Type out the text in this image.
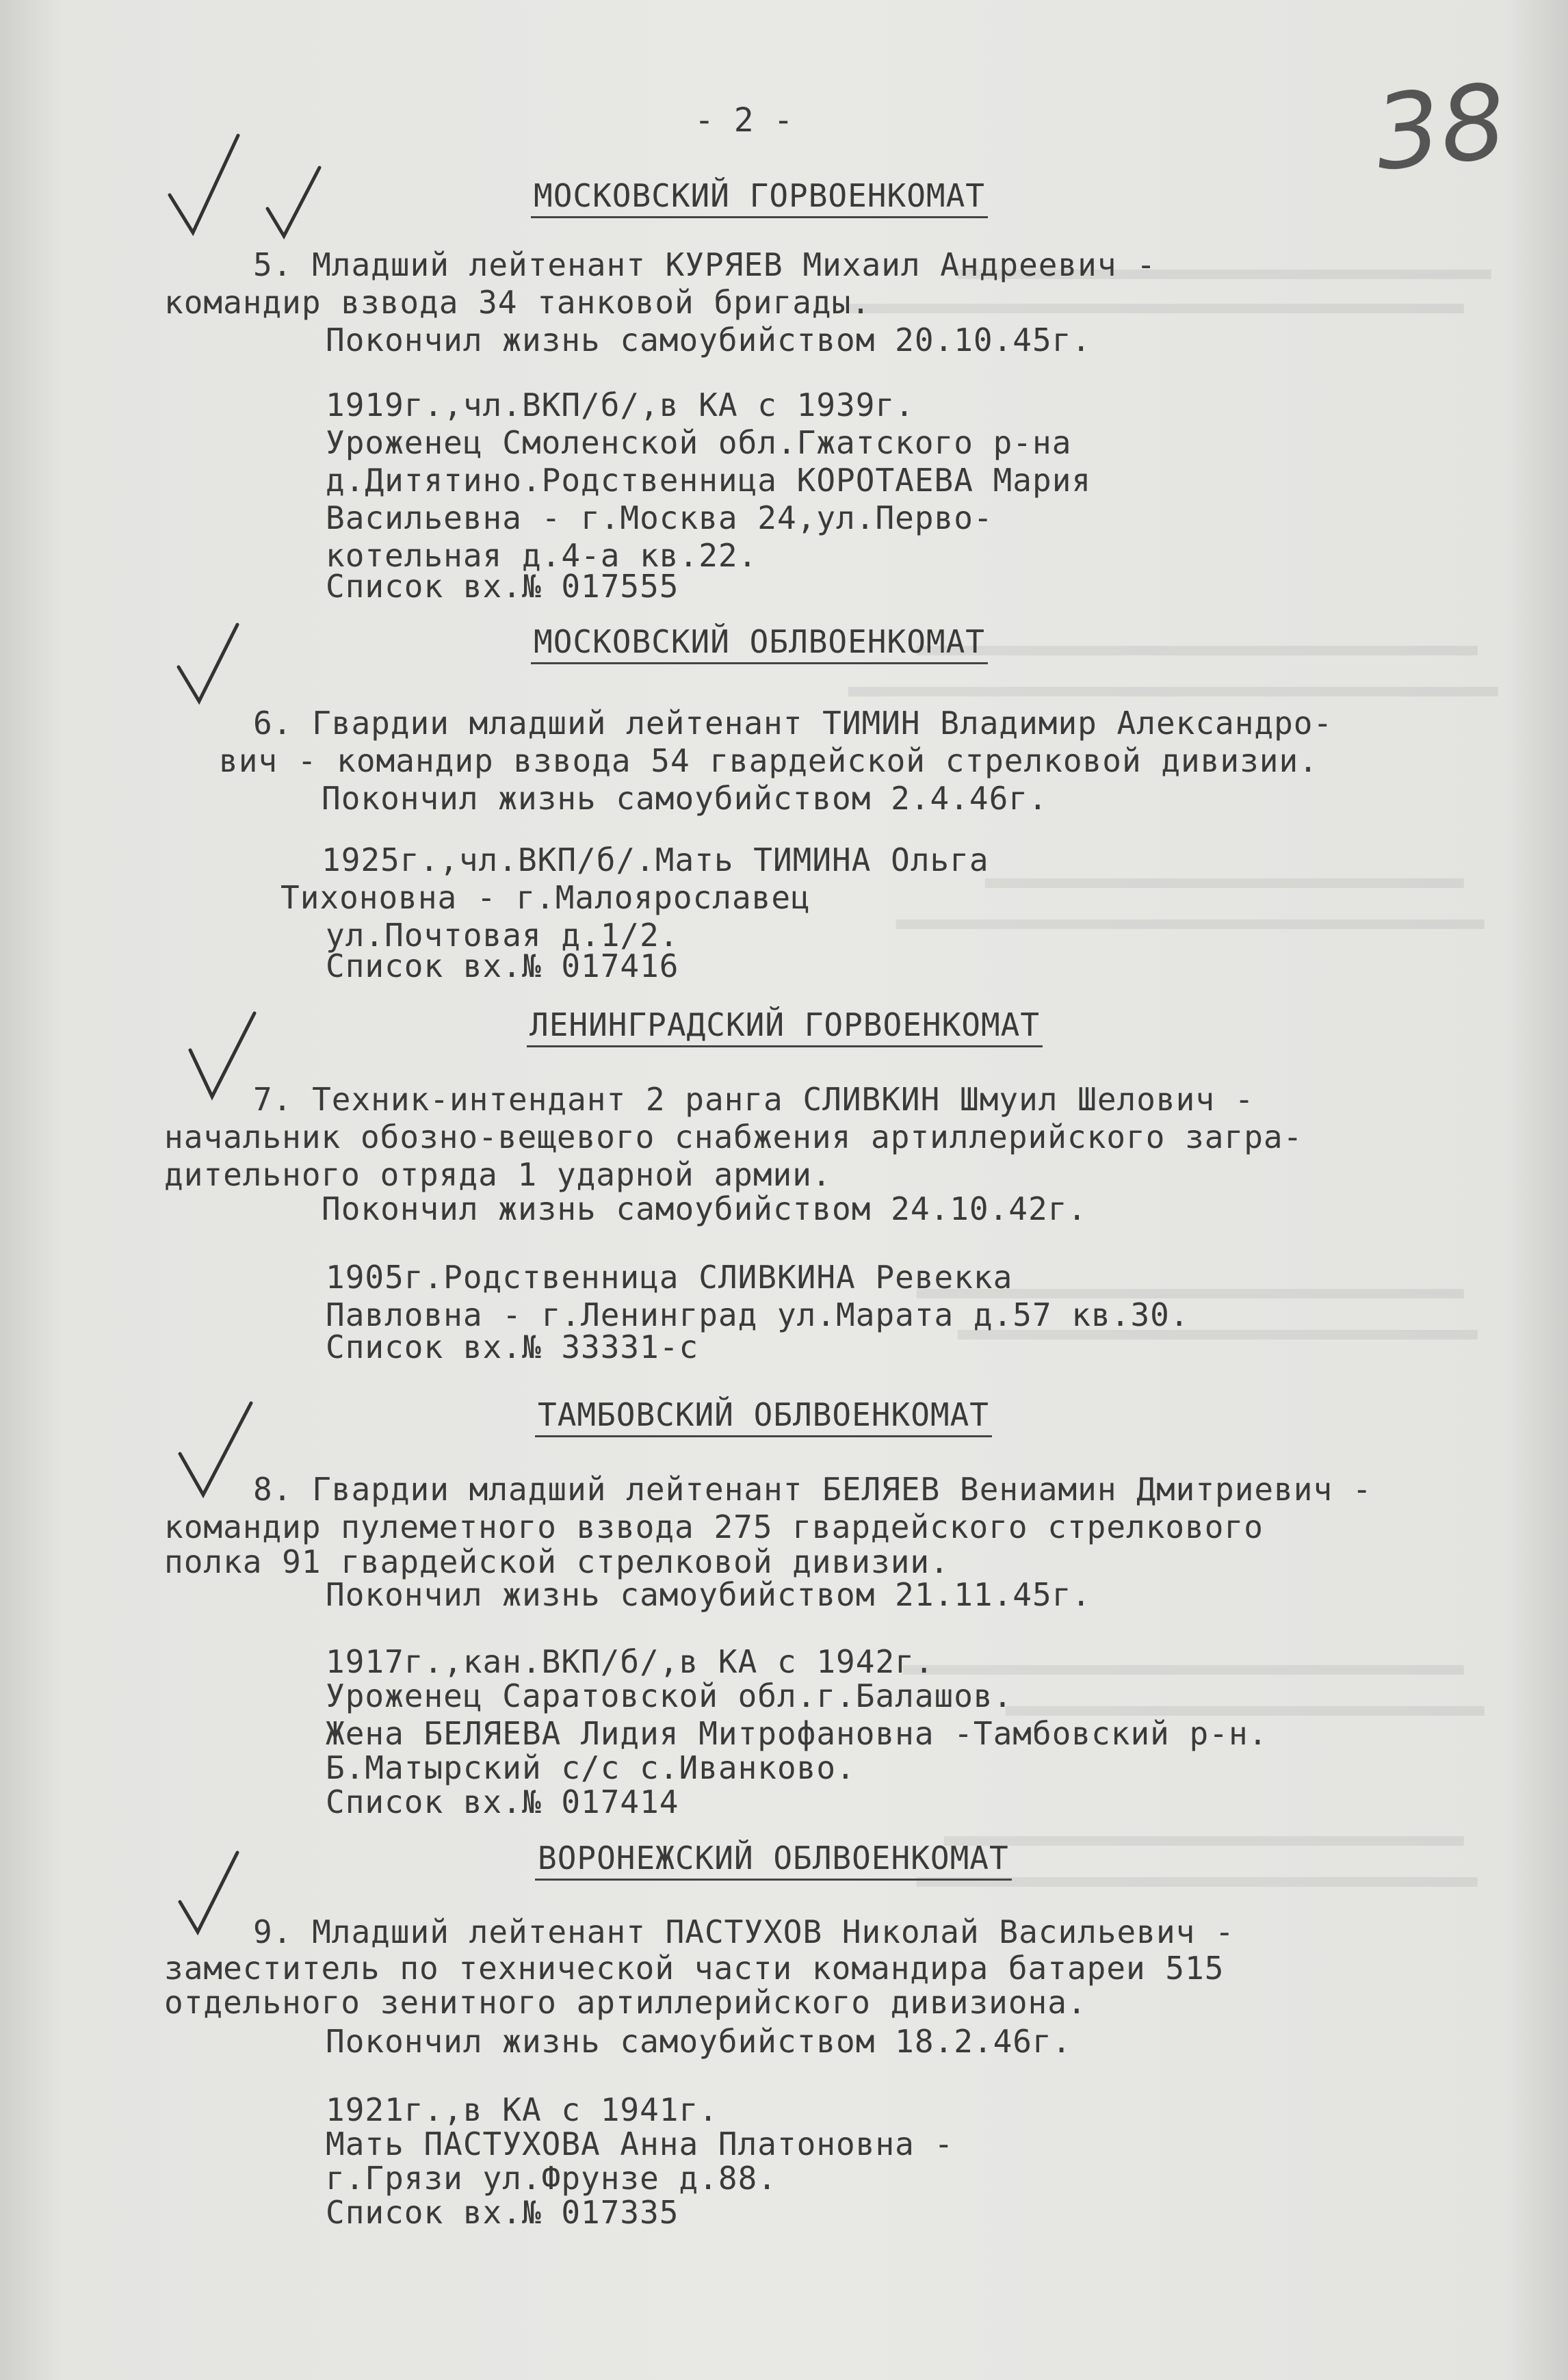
- 2 -	38
МОСКОВСКИЙ ГОРВОЕНКОМАТ
5. Младший лейтенант КУРЯЕВ Михаил Андреевич -
командир взвода 34 танковой бригады.
Покончил жизнь самоубийством 20.10.45г.
1919г.,чл.ВКП/б/,в КА с 1939г.
Уроженец Смоленской обл.Гжатского р-на
д.Дитятино.Родственница КОРОТАЕВА Мария
Васильевна - г.Москва 24,ул.Перво-
котельная д.4-а кв.22.
Список вх.№ 017555
МОСКОВСКИЙ ОБЛВОЕНКОМАТ
6. Гвардии младший лейтенант ТИМИН Владимир Александро-
вич - командир взвода 54 гвардейской стрелковой дивизии.
Покончил жизнь самоубийством 2.4.46г.
1925г.,чл.ВКП/б/.Мать ТИМИНА Ольга
Тихоновна - г.Малоярославец
ул.Почтовая д.1/2.
Список вх.№ 017416
ЛЕНИНГРАДСКИЙ ГОРВОЕНКОМАТ
7. Техник-интендант 2 ранга СЛИВКИН Шмуил Шелович -
начальник обозно-вещевого снабжения артиллерийского загра-
дительного отряда 1 ударной армии.
Покончил жизнь самоубийством 24.10.42г.
1905г.Родственница СЛИВКИНА Ревекка
Павловна - г.Ленинград ул.Марата д.57 кв.30.
Список вх.№ 33331-с
ТАМБОВСКИЙ ОБЛВОЕНКОМАТ
8. Гвардии младший лейтенант БЕЛЯЕВ Вениамин Дмитриевич -
командир пулеметного взвода 275 гвардейского стрелкового
полка 91 гвардейской стрелковой дивизии.
Покончил жизнь самоубийством 21.11.45г.
1917г.,кан.ВКП/б/,в КА с 1942г.
Уроженец Саратовской обл.г.Балашов.
Жена БЕЛЯЕВА Лидия Митрофановна -Тамбовский р-н.
Б.Матырский с/с с.Иванково.
Список вх.№ 017414
ВОРОНЕЖСКИЙ ОБЛВОЕНКОМАТ
9. Младший лейтенант ПАСТУХОВ Николай Васильевич -
заместитель по технической части командира батареи 515
отдельного зенитного артиллерийского дивизиона.
Покончил жизнь самоубийством 18.2.46г.
1921г.,в КА с 1941г.
Мать ПАСТУХОВА Анна Платоновна -
г.Грязи ул.Фрунзе д.88.
Список вх.№ 017335
